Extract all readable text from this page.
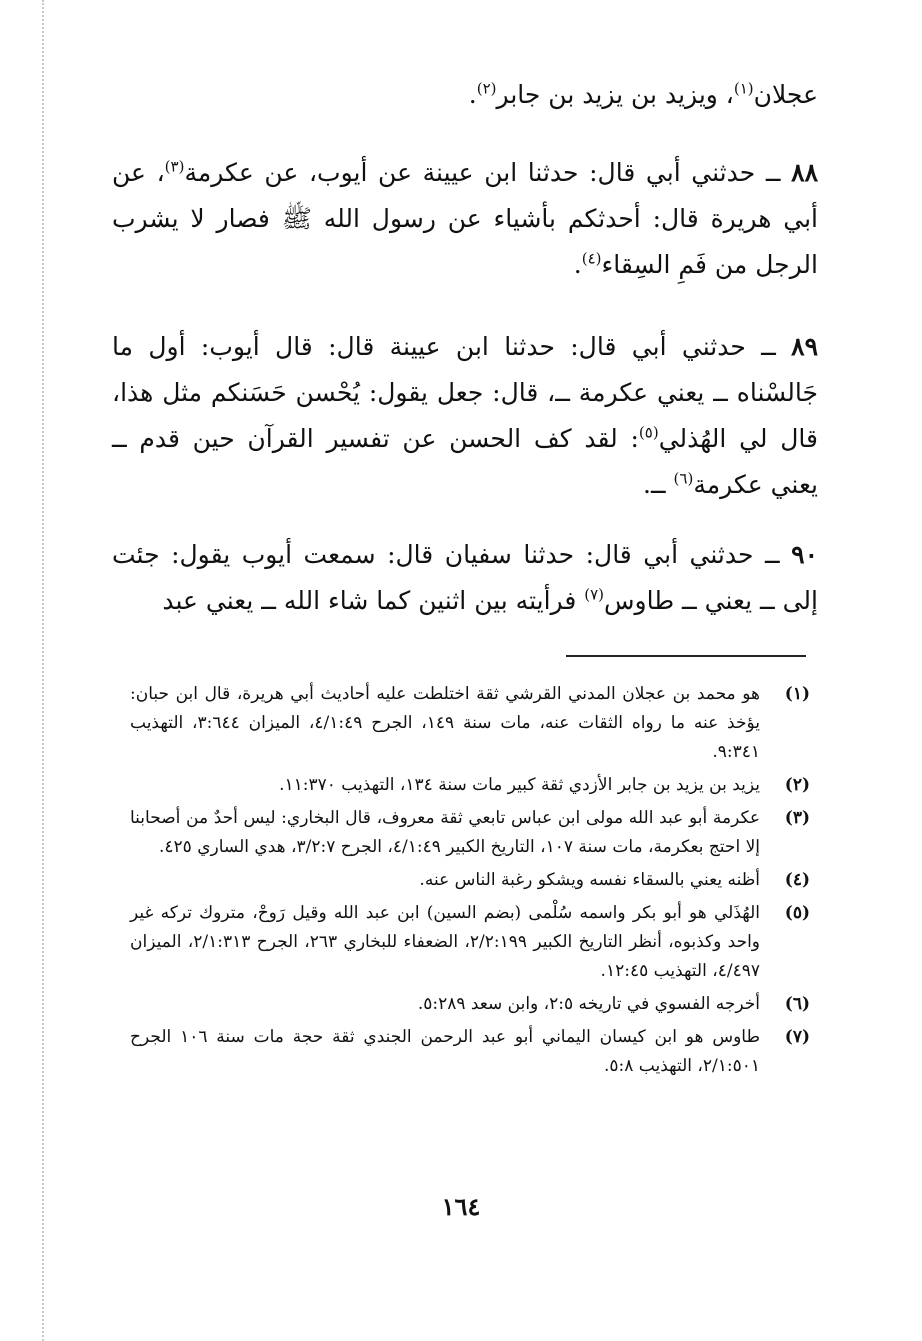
عجلان$^{(١)}$، ويزيد بن يزيد بن جابر$^{(٢)}$.
٨٨ ــ حدثني أبي قال: حدثنا ابن عيينة عن أيوب، عن عكرمة$^{(٣)}$، عن أبي هريرة قال: أحدثكم بأشياء عن رسول الله ﷺ فصار لا يشرب الرجل من فَمِ السِقاء$^{(٤)}$.
٨٩ ــ حدثني أبي قال: حدثنا ابن عيينة قال: قال أيوب: أول ما جَالسْناه ــ يعني عكرمة ــ، قال: جعل يقول: يُحْسن حَسَنكم مثل هذا، قال لي الهُذلي$^{(٥)}$: لقد كف الحسن عن تفسير القرآن حين قدم ــ يعني عكرمة$^{(٦)}$ ــ.
٩٠ ــ حدثني أبي قال: حدثنا سفيان قال: سمعت أيوب يقول: جئت إلى ــ يعني ــ طاوس$^{(٧)}$ فرأيته بين اثنين كما شاء الله ــ يعني عبد
(١)
هو محمد بن عجلان المدني القرشي ثقة اختلطت عليه أحاديث أبي هريرة، قال ابن حبان: يؤخذ عنه ما رواه الثقات عنه، مات سنة ١٤٩، الجرح ٤/١:٤٩، الميزان ٣:٦٤٤، التهذيب ٩:٣٤١.
(٢)
يزيد بن يزيد بن جابر الأزدي ثقة كبير مات سنة ١٣٤، التهذيب ١١:٣٧٠.
(٣)
عكرمة أبو عبد الله مولى ابن عباس تابعي ثقة معروف، قال البخاري: ليس أحدٌ من أصحابنا إلا احتج بعكرمة، مات سنة ١٠٧، التاريخ الكبير ٤/١:٤٩، الجرح ٣/٢:٧، هدي الساري ٤٢٥.
(٤)
أظنه يعني بالسقاء نفسه ويشكو رغبة الناس عنه.
(٥)
الهُذَلي هو أبو بكر واسمه سُلْمى (بضم السين) ابن عبد الله وقيل رَوحْ، متروك تركه غير واحد وكذبوه، أنظر التاريخ الكبير ٢/٢:١٩٩، الضعفاء للبخاري ٢٦٣، الجرح ٢/١:٣١٣، الميزان ٤/٤٩٧، التهذيب ١٢:٤٥.
(٦)
أخرجه الفسوي في تاريخه ٢:٥، وابن سعد ٥:٢٨٩.
(٧)
طاوس هو ابن كيسان اليماني أبو عبد الرحمن الجندي ثقة حجة مات سنة ١٠٦ الجرح ٢/١:٥٠١، التهذيب ٥:٨.
١٦٤
